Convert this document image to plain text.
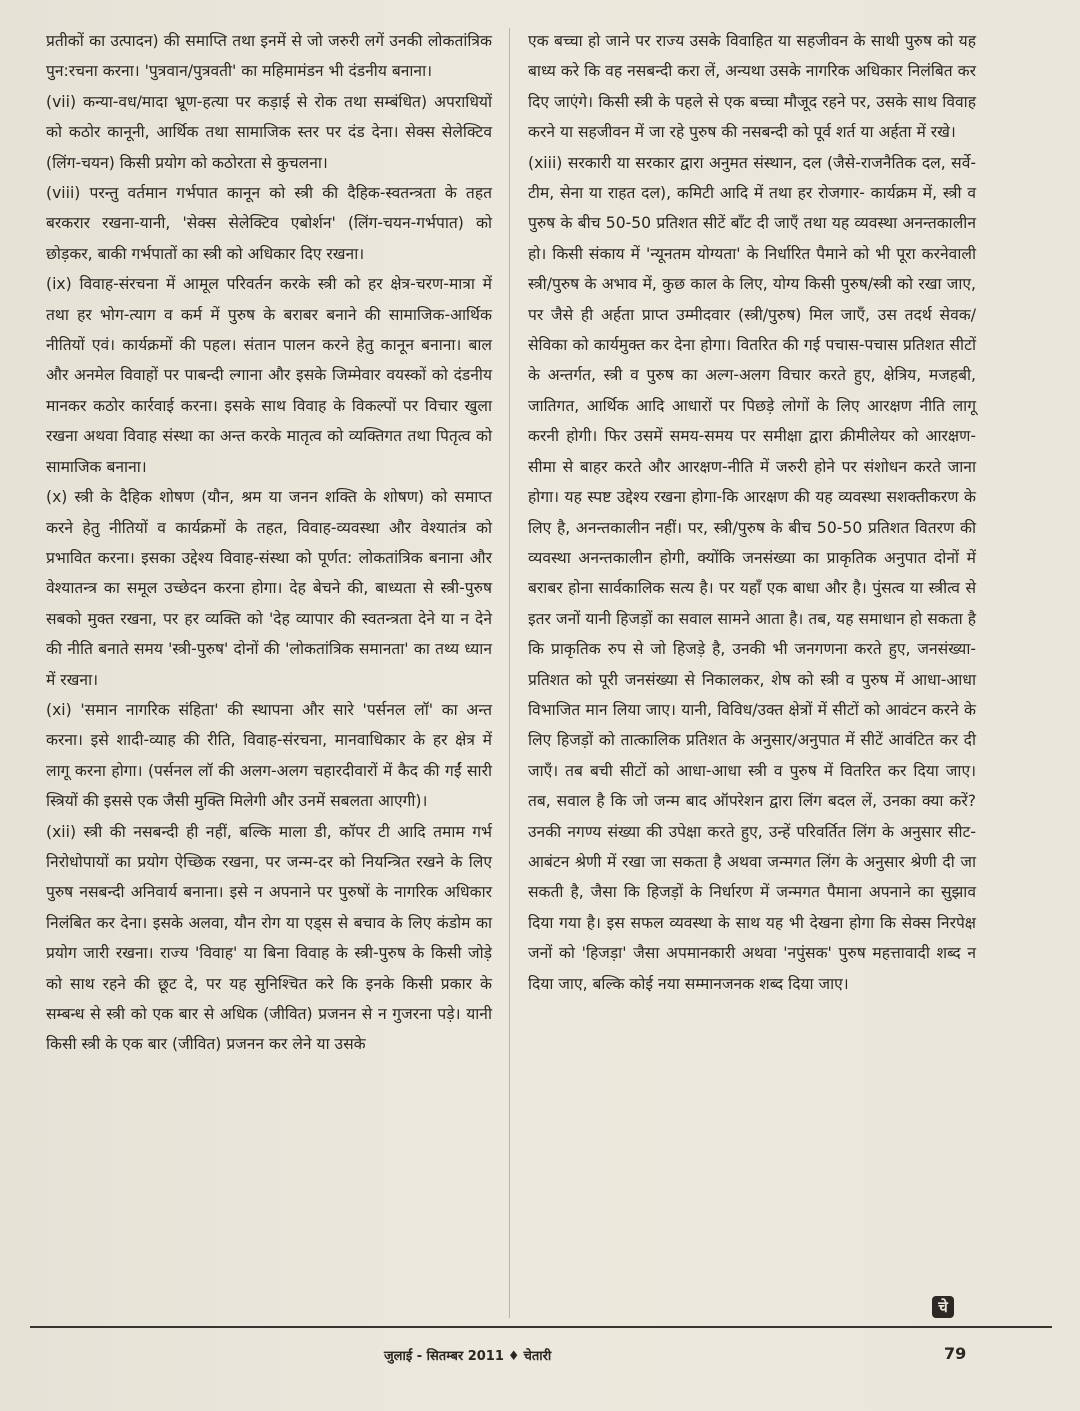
प्रतीकों का उत्पादन) की समाप्ति तथा इनमें से जो जरुरी लगें उनकी लोकतांत्रिक पुन:रचना करना। 'पुत्रवान/पुत्रवती' का महिमामंडन भी दंडनीय बनाना।

(vii) कन्या-वध/मादा भ्रूण-हत्या पर कड़ाई से रोक तथा सम्बंधित) अपराधियों को कठोर कानूनी, आर्थिक तथा सामाजिक स्तर पर दंड देना। सेक्स सेलेक्टिव (लिंग-चयन) किसी प्रयोग को कठोरता से कुचलना।

(viii) परन्तु वर्तमान गर्भपात कानून को स्त्री की दैहिक-स्वतन्त्रता के तहत बरकरार रखना-यानी, 'सेक्स सेलेक्टिव एबोर्शन' (लिंग-चयन-गर्भपात) को छोड़कर, बाकी गर्भपातों का स्त्री को अधिकार दिए रखना।

(ix) विवाह-संरचना में आमूल परिवर्तन करके स्त्री को हर क्षेत्र-चरण-मात्रा में तथा हर भोग-त्याग व कर्म में पुरुष के बराबर बनाने की सामाजिक-आर्थिक नीतियों एवं। कार्यक्रमों की पहल। संतान पालन करने हेतु कानून बनाना। बाल और अनमेल विवाहों पर पाबन्दी ल्गाना और इसके जिम्मेवार वयस्कों को दंडनीय मानकर कठोर कार्रवाई करना। इसके साथ विवाह के विकल्पों पर विचार खुला रखना अथवा विवाह संस्था का अन्त करके मातृत्व को व्यक्तिगत तथा पितृत्व को सामाजिक बनाना।

(x) स्त्री के दैहिक शोषण (यौन, श्रम या जनन शक्ति के शोषण) को समाप्त करने हेतु नीतियों व कार्यक्रमों के तहत, विवाह-व्यवस्था और वेश्यातंत्र को प्रभावित करना। इसका उद्देश्य विवाह-संस्था को पूर्णत: लोकतांत्रिक बनाना और वेश्यातन्त्र का समूल उच्छेदन करना होगा। देह बेचने की, बाध्यता से स्त्री-पुरुष सबको मुक्त रखना, पर हर व्यक्ति को 'देह व्यापार की स्वतन्त्रता देने या न देने की नीति बनाते समय 'स्त्री-पुरुष' दोनों की 'लोकतांत्रिक समानता' का तथ्य ध्यान में रखना।

(xi) 'समान नागरिक संहिता' की स्थापना और सारे 'पर्सनल लॉ' का अन्त करना। इसे शादी-व्याह की रीति, विवाह-संरचना, मानवाधिकार के हर क्षेत्र में लागू करना होगा। (पर्सनल लॉ की अलग-अलग चहारदीवारों में कैद की गईं सारी स्त्रियों की इससे एक जैसी मुक्ति मिलेगी और उनमें सबलता आएगी)।

(xii) स्त्री की नसबन्दी ही नहीं, बल्कि माला डी, कॉपर टी आदि तमाम गर्भ निरोधोपायों का प्रयोग ऐच्छिक रखना, पर जन्म-दर को नियन्त्रित रखने के लिए पुरुष नसबन्दी अनिवार्य बनाना। इसे न अपनाने पर पुरुषों के नागरिक अधिकार निलंबित कर देना। इसके अलवा, यौन रोग या एड्स से बचाव के लिए कंडोम का प्रयोग जारी रखना। राज्य 'विवाह' या बिना विवाह के स्त्री-पुरुष के किसी जोड़े को साथ रहने की छूट दे, पर यह सुनिश्चित करे कि इनके किसी प्रकार के सम्बन्ध से स्त्री को एक बार से अधिक (जीवित) प्रजनन से न गुजरना पड़े। यानी किसी स्त्री के एक बार (जीवित) प्रजनन कर लेने या उसके

एक बच्चा हो जाने पर राज्य उसके विवाहित या सहजीवन के साथी पुरुष को यह बाध्य करे कि वह नसबन्दी करा लें, अन्यथा उसके नागरिक अधिकार निलंबित कर दिए जाएंगे। किसी स्त्री के पहले से एक बच्चा मौजूद रहने पर, उसके साथ विवाह करने या सहजीवन में जा रहे पुरुष की नसबन्दी को पूर्व शर्त या अर्हता में रखे।

(xiii) सरकारी या सरकार द्वारा अनुमत संस्थान, दल (जैसे-राजनैतिक दल, सर्वे-टीम, सेना या राहत दल), कमिटी आदि में तथा हर रोजगार- कार्यक्रम में, स्त्री व पुरुष के बीच 50-50 प्रतिशत सीटें बाँट दी जाएँ तथा यह व्यवस्था अनन्तकालीन हो। किसी संकाय में 'न्यूनतम योग्यता' के निर्धारित पैमाने को भी पूरा करनेवाली स्त्री/पुरुष के अभाव में, कुछ काल के लिए, योग्य किसी पुरुष/स्त्री को रखा जाए, पर जैसे ही अर्हता प्राप्त उम्मीदवार (स्त्री/पुरुष) मिल जाएँ, उस तदर्थ सेवक/सेविका को कार्यमुक्त कर देना होगा। वितरित की गई पचास-पचास प्रतिशत सीटों के अन्तर्गत, स्त्री व पुरुष का अल्ग-अलग विचार करते हुए, क्षेत्रिय, मजहबी, जातिगत, आर्थिक आदि आधारों पर पिछड़े लोगों के लिए आरक्षण नीति लागू करनी होगी। फिर उसमें समय-समय पर समीक्षा द्वारा क्रीमीलेयर को आरक्षण-सीमा से बाहर करते और आरक्षण-नीति में जरुरी होने पर संशोधन करते जाना होगा। यह स्पष्ट उद्देश्य रखना होगा-कि आरक्षण की यह व्यवस्था सशक्तीकरण के लिए है, अनन्तकालीन नहीं। पर, स्त्री/पुरुष के बीच 50-50 प्रतिशत वितरण की व्यवस्था अनन्तकालीन होगी, क्योंकि जनसंख्या का प्राकृतिक अनुपात दोनों में बराबर होना सार्वकालिक सत्य है। पर यहाँ एक बाधा और है। पुंसत्व या स्त्रीत्व से इतर जनों यानी हिजड़ों का सवाल सामने आता है। तब, यह समाधान हो सकता है कि प्राकृतिक रुप से जो हिजड़े है, उनकी भी जनगणना करते हुए, जनसंख्या-प्रतिशत को पूरी जनसंख्या से निकालकर, शेष को स्त्री व पुरुष में आधा-आधा विभाजित मान लिया जाए। यानी, विविध/उक्त क्षेत्रों में सीटों को आवंटन करने के लिए हिजड़ों को तात्कालिक प्रतिशत के अनुसार/अनुपात में सीटें आवंटित कर दी जाएँ। तब बची सीटों को आधा-आधा स्त्री व पुरुष में वितरित कर दिया जाए। तब, सवाल है कि जो जन्म बाद ऑपरेशन द्वारा लिंग बदल लें, उनका क्या करें? उनकी नगण्य संख्या की उपेक्षा करते हुए, उन्हें परिवर्तित लिंग के अनुसार सीट-आबंटन श्रेणी में रखा जा सकता है अथवा जन्मगत लिंग के अनुसार श्रेणी दी जा सकती है, जैसा कि हिजड़ों के निर्धारण में जन्मगत पैमाना अपनाने का सुझाव दिया गया है। इस सफल व्यवस्था के साथ यह भी देखना होगा कि सेक्स निरपेक्ष जनों को 'हिजड़ा' जैसा अपमानकारी अथवा 'नपुंसक' पुरुष महत्तावादी शब्द न दिया जाए, बल्कि कोई नया सम्मानजनक शब्द दिया जाए।

चे
जुलाई - सितम्बर 2011 ♦ चेतारी	79
